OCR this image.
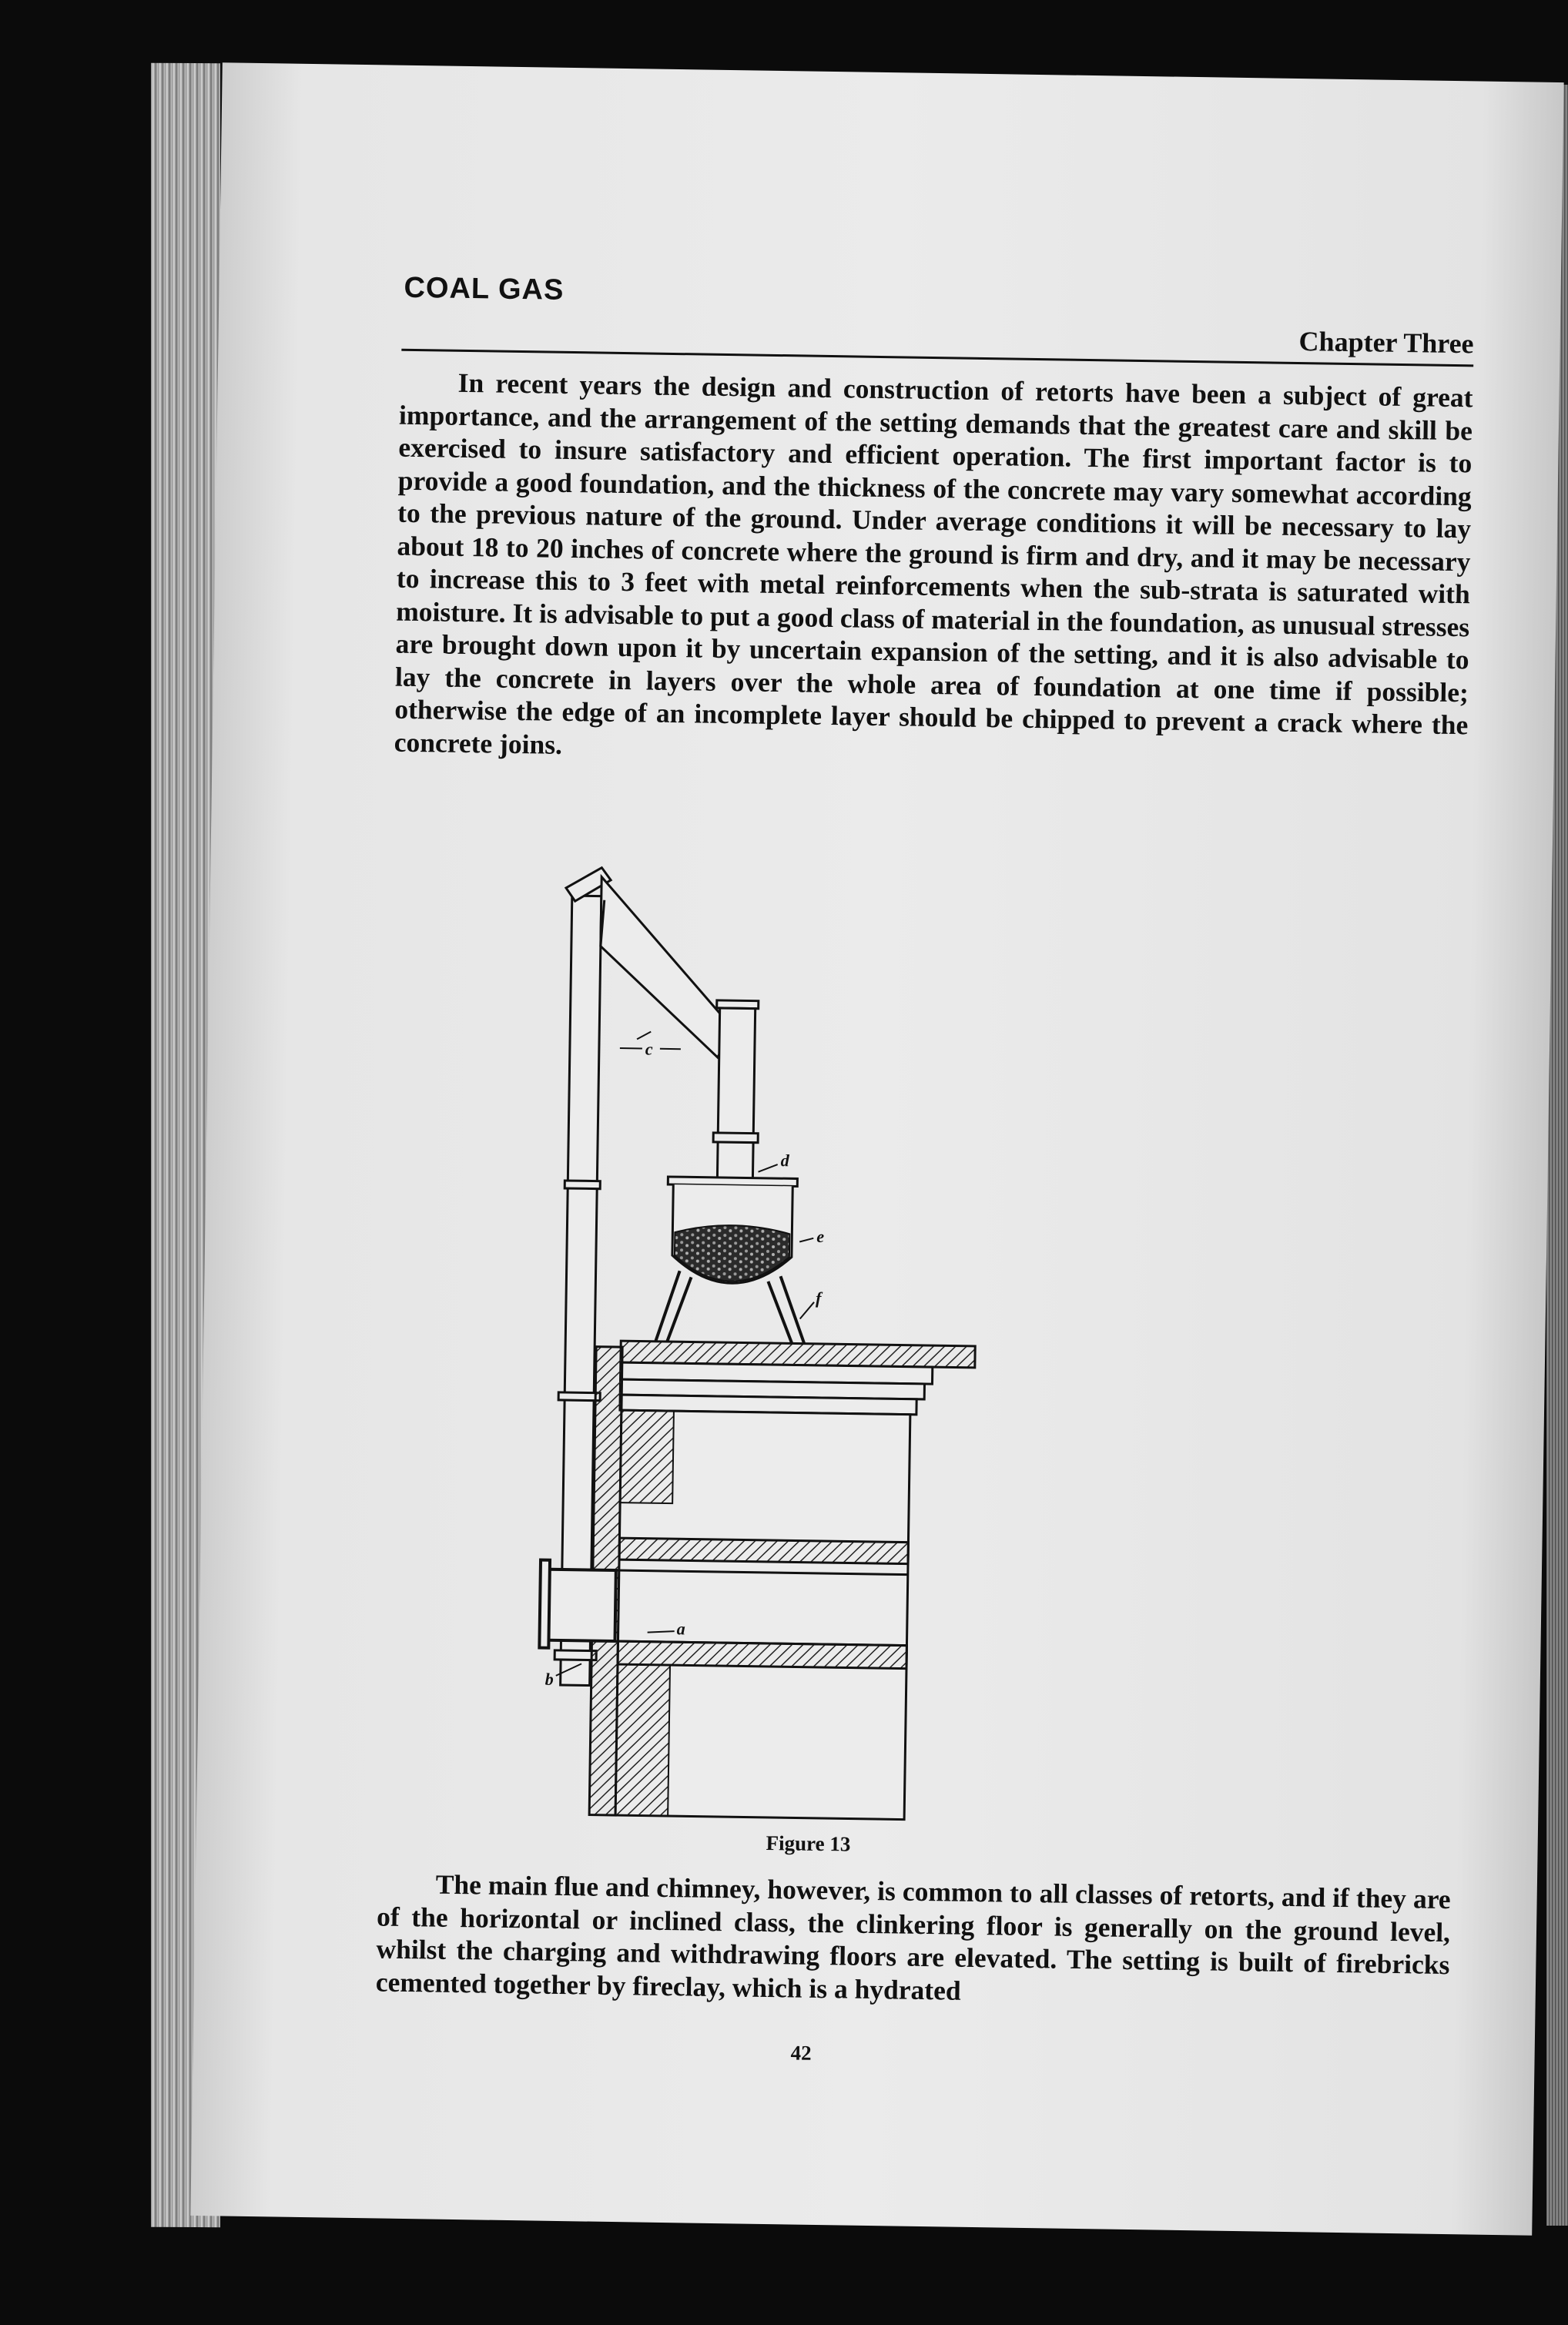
COAL GAS
Chapter Three

In recent years the design and construction of retorts have been a subject of great importance, and the arrangement of the setting demands that the greatest care and skill be exercised to insure satisfactory and efficient operation. The first important factor is to provide a good foundation, and the thickness of the concrete may vary somewhat according to the previous nature of the ground. Under average conditions it will be necessary to lay about 18 to 20 inches of concrete where the ground is firm and dry, and it may be necessary to increase this to 3 feet with metal reinforcements when the sub-strata is saturated with moisture. It is advisable to put a good class of material in the foundation, as unusual stresses are brought down upon it by uncertain expansion of the setting, and it is also advisable to lay the concrete in layers over the whole area of foundation at one time if possible; otherwise the edge of an incomplete layer should be chipped to prevent a crack where the concrete joins.

c
d
e
f
a
b
Figure 13

The main flue and chimney, however, is common to all classes of retorts, and if they are of the horizontal or inclined class, the clinkering floor is generally on the ground level, whilst the charging and withdrawing floors are elevated. The setting is built of firebricks cemented together by fireclay, which is a hydrated

42
